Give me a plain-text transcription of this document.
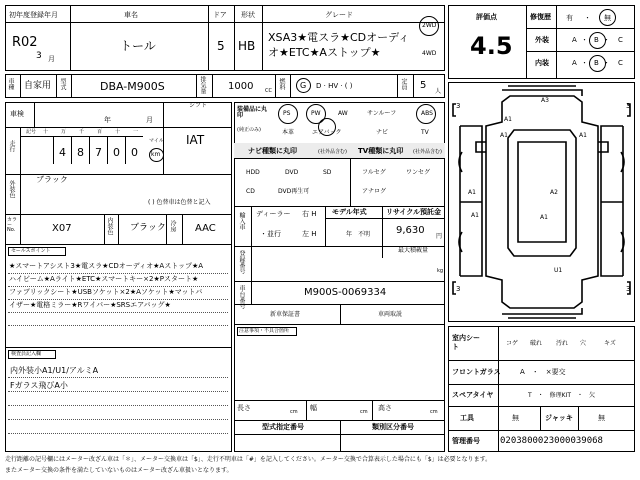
初年度登録年月
R02
3 月
車名
トール
ドア
5
形状
HB
グレード
XSA3★電スラ★CDオーディ
オ★ETC★Aストップ★
2WD
4WD
車種 自家用 型式	DBA-M900S	排気量 1000 CC
燃料 G D · HV · ( )	定員 5
人
車検
年	月
シフト
IAT
走行
記号 十	万	千	百	十	一
4 8 7 0 0
マイル
km
外装色
ブラック
( ) 色替車は色替と記入
カラー No.	X07	内装色 ブラック 冷房 AAC
セールスポイント
★スマートアシスト3★電スラ★CDオーディオ★Aストップ★A
ハイビーム★Aライト★ETC★スマートキー×2★Pスタート★
ファブリックシート★USBソケット×2★Aソケット★マットバ
イザー★電格ミラー★Rワイパー★SRSエアバッグ★
検査員記入欄
内外装小A1/U1/アルミA
Fガラス飛びA小
装備品に丸印
(純正のみ)
PS	PW	AW	サンルーフ	ABS
本革	エアバック	ナビ	TV
ナビ種類に丸印	(社外品含む) TV種類に丸印 (社外品含む)
HDD	DVD	SD
CD	DVD再生可
フルセグ	ワンセグ
アナログ
輸入車 ディーラー
・並行
右 H
左 H
モデル年式
年　不明
リサイクル預託金
9,630
円
最大積載量
kg
登録番号
車台番号	M900S-0069334
新車保証書	車両取説
注意事項・不具合箇所
長さ	cm 幅	cm 高さ	cm
型式指定番号	類別区分番号
評価点
4.5
修復歴 有 ・ 無
外装	A ・ B ・ C
内装	A ・ B ・ C
A3
A1
A1	A1
A1	A2
A1	A1
U1
3	3
3	3
室内シート	コゲ 破れ 汚れ 穴	キズ
フロントガラス	A　・　×要交
スペアタイヤ	T　・　修理KIT　・　欠
工具	無	ジャッキ	無
管理番号 0203800023000039068
走行距離の記号欄にはメーター改ざん車は「＊」、メーター交換車は「$」、走行不明車は「#」を記入してください。メーター交換で合算表示した場合にも「$」は必要となります。
またメーター交換の条件を満たしていないものはメーター改ざん車扱いとなります。
